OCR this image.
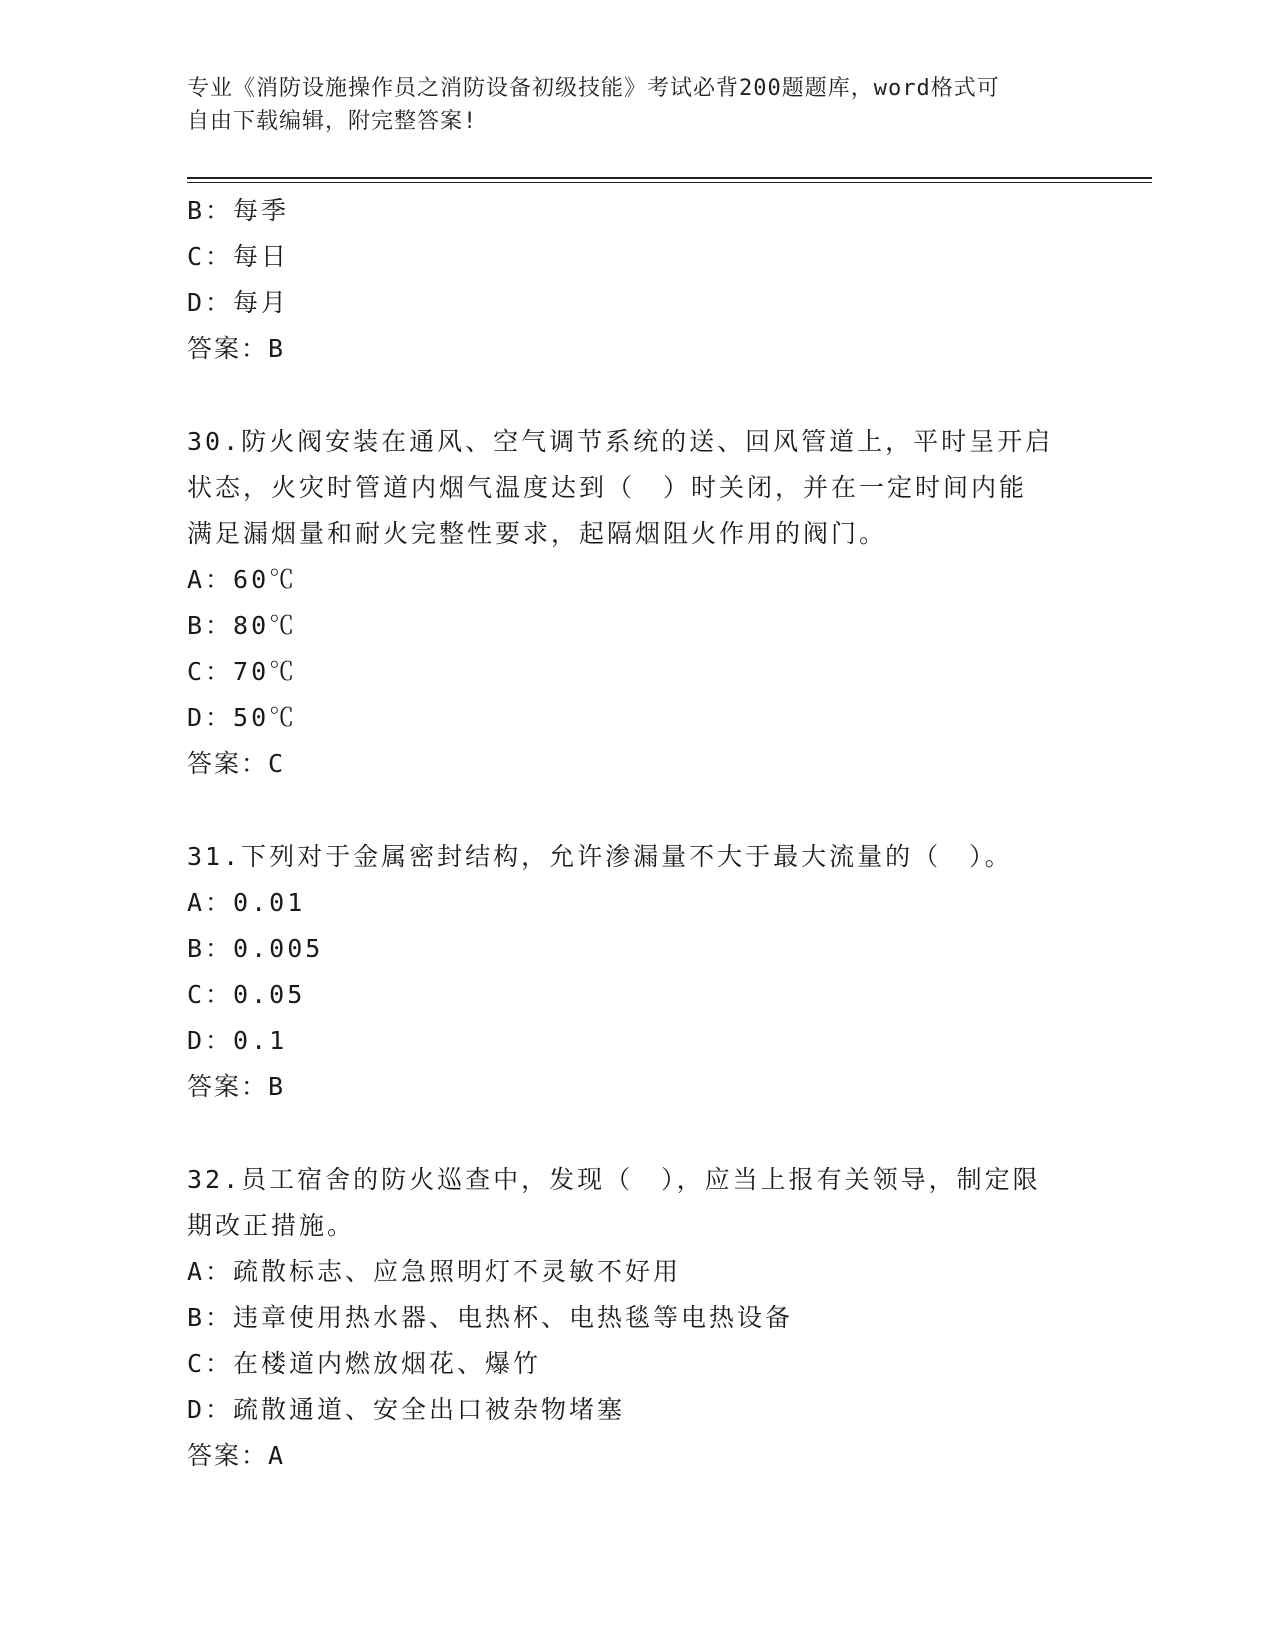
专业《消防设施操作员之消防设备初级技能》考试必背200题题库，word格式可
自由下载编辑，附完整答案!
B：每季
C：每日
D：每月
答案：B
30.防火阀安装在通风、空气调节系统的送、回风管道上，平时呈开启
状态，火灾时管道内烟气温度达到（　）时关闭，并在一定时间内能
满足漏烟量和耐火完整性要求，起隔烟阻火作用的阀门。
A：60℃
B：80℃
C：70℃
D：50℃
答案：C
31.下列对于金属密封结构，允许渗漏量不大于最大流量的（　）。
A：0.01
B：0.005
C：0.05
D：0.1
答案：B
32.员工宿舍的防火巡查中，发现（　），应当上报有关领导，制定限
期改正措施。
A：疏散标志、应急照明灯不灵敏不好用
B：违章使用热水器、电热杯、电热毯等电热设备
C：在楼道内燃放烟花、爆竹
D：疏散通道、安全出口被杂物堵塞
答案：A
